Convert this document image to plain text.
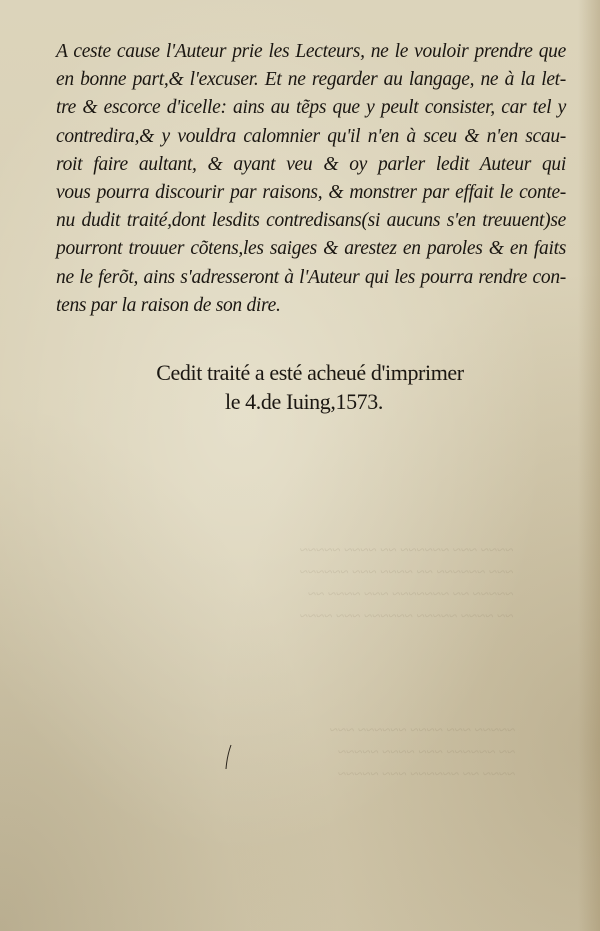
~~~~ ~~~ ~~~~~~ ~~ ~~~~ ~~~~~
~~~ ~~~~~~ ~~ ~~~~ ~~~ ~~~~~~
~~~~~ ~~ ~~~~~~~ ~~~ ~~~~ ~~
~~ ~~~~ ~~~~~ ~~~~~~ ~~~ ~~~~
~~~~~ ~~~ ~~~~ ~~~~~~ ~~~
~~ ~~~~~~ ~~~ ~~~~ ~~~~~
~~~~ ~~ ~~~~~~ ~~~ ~~~~~
A ceste cause l'Auteur prie les Lecteurs, ne le vouloir prendre que
en bonne part,& l'excuser. Et ne regarder au langage, ne à la let-
tre & escorce d'icelle: ains au tẽps que y peult consister, car tel y
contredira,& y vouldra calomnier qu'il n'en à sceu & n'en scau-
roit faire aultant, & ayant veu & oy parler ledit Auteur qui
vous pourra discourir par raisons, & monstrer par effait le conte-
nu dudit traité,dont lesdits contredisans(si aucuns s'en treuuent)se
pourront trouuer cõtens,les saiges & arestez en paroles & en faits
ne le ferõt, ains s'adresseront à l'Auteur qui les pourra rendre con-
tens par la raison de son dire.
Cedit traité a esté acheué d'imprimer
le 4.de Iuing,1573.
